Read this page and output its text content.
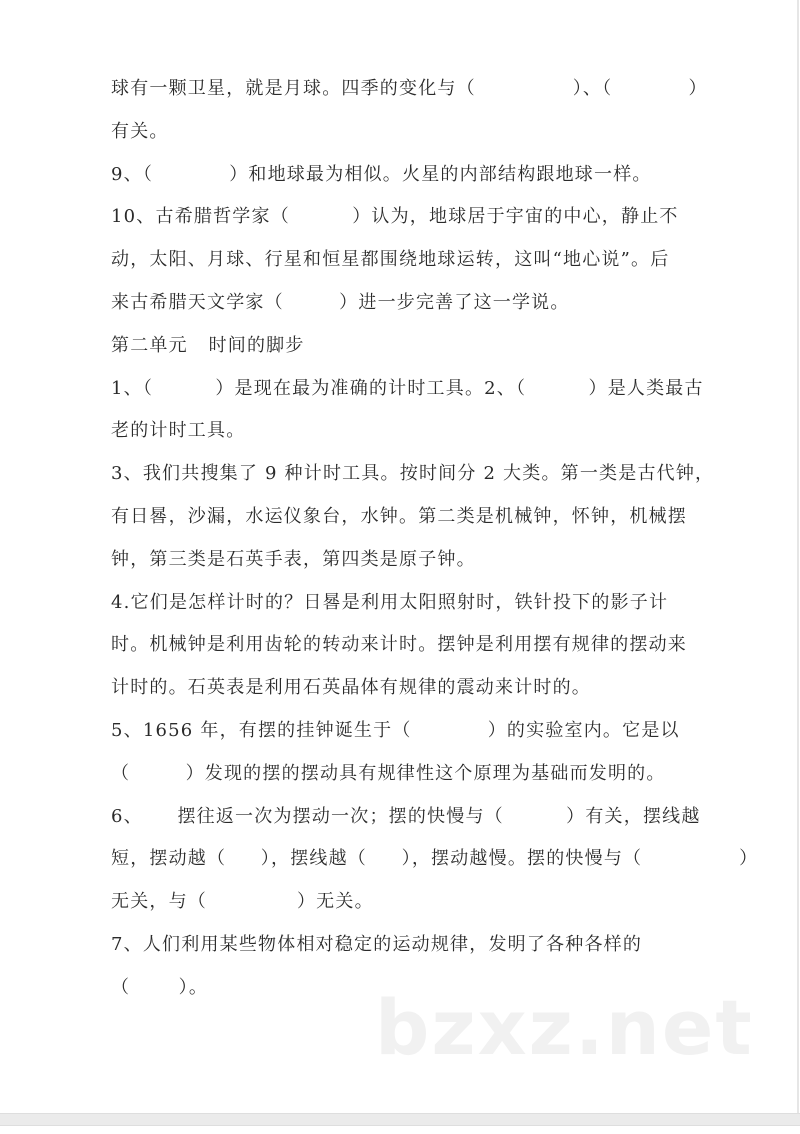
球有一颗卫星，就是月球。四季的变化与（              ）、（           ）
有关。
9、（           ）和地球最为相似。火星的内部结构跟地球一样。
10、古希腊哲学家（         ）认为，地球居于宇宙的中心，静止不
动，太阳、月球、行星和恒星都围绕地球运转，这叫“地心说”。后
来古希腊天文学家（        ）进一步完善了这一学说。
第二单元   时间的脚步
1、（         ）是现在最为准确的计时工具。2、（         ）是人类最古
老的计时工具。
3、我们共搜集了 9 种计时工具。按时间分 2 大类。第一类是古代钟，
有日晷，沙漏，水运仪象台，水钟。第二类是机械钟，怀钟，机械摆
钟，第三类是石英手表，第四类是原子钟。
4.它们是怎样计时的？日晷是利用太阳照射时，铁针投下的影子计
时。机械钟是利用齿轮的转动来计时。摆钟是利用摆有规律的摆动来
计时的。石英表是利用石英晶体有规律的震动来计时的。
5、1656 年，有摆的挂钟诞生于（           ）的实验室内。它是以
（        ）发现的摆的摆动具有规律性这个原理为基础而发明的。
6、     摆往返一次为摆动一次；摆的快慢与（         ）有关，摆线越
短，摆动越（     ），摆线越（     ），摆动越慢。摆的快慢与（              ）
无关，与（             ）无关。
7、人们利用某些物体相对稳定的运动规律，发明了各种各样的
（       ）。	bzxz.net
